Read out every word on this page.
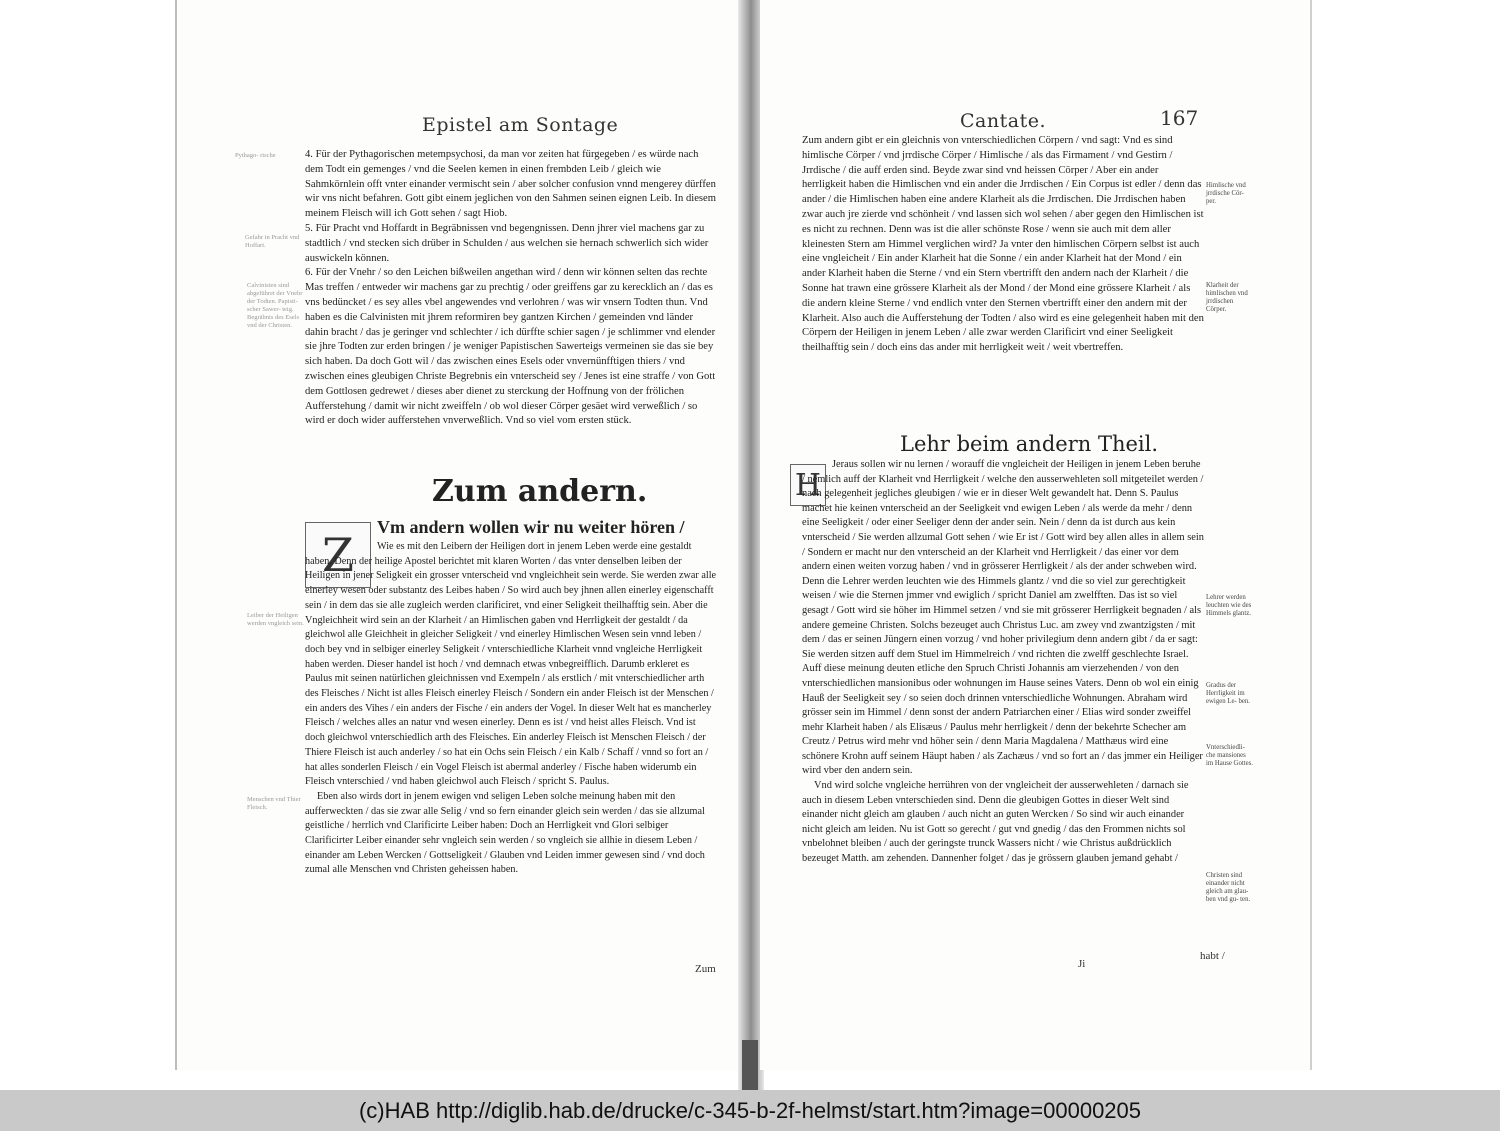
Epistel am Sontage
Pythago- rische
Gefahr in Pracht vnd Hoffart.
Calvinisten sind abgeführet der Vnehr der Todten. Papisti- scher Sawer- teig. Begräbnis des Esels vnd der Christen.
Leiber der Heiligen werden vngleich sein.
Menschen vnd Thier Fleisch.

4. Für der Pythagorischen metempsychosi, da man vor zeiten hat fürgegeben / es würde nach dem Todt ein gemenges / vnd die Seelen kemen in einen frembden Leib / gleich wie Sahmkörnlein offt vnter einander vermischt sein / aber solcher confusion vnnd mengerey dürffen wir vns nicht befahren. Gott gibt einem jeglichen von den Sahmen seinen eignen Leib. In diesem meinem Fleisch will ich Gott sehen / sagt Hiob.

5. Für Pracht vnd Hoffardt in Begräbnissen vnd begengnissen. Denn jhrer viel machens gar zu stadtlich / vnd stecken sich drüber in Schulden / aus welchen sie hernach schwerlich sich wider auswickeln können.

6. Für der Vnehr / so den Leichen bißweilen angethan wird / denn wir können selten das rechte Mas treffen / entweder wir machens gar zu prechtig / oder greiffens gar zu kerecklich an / das es vns bedüncket / es sey alles vbel angewendes vnd verlohren / was wir vnsern Todten thun. Vnd haben es die Calvinisten mit jhrem reformiren bey gantzen Kirchen / gemeinden vnd länder dahin bracht / das je geringer vnd schlechter / ich dürffte schier sagen / je schlimmer vnd elender sie jhre Todten zur erden bringen / je weniger Papistischen Sawerteigs vermeinen sie das sie bey sich haben. Da doch Gott wil / das zwischen eines Esels oder vnvernünfftigen thiers / vnd zwischen eines gleubigen Christe Begrebnis ein vnterscheid sey / Jenes ist eine straffe / von Gott dem Gottlosen gedrewet / dieses aber dienet zu sterckung der Hoffnung von der frölichen Aufferstehung / damit wir nicht zweiffeln / ob wol dieser Cörper gesäet wird verweßlich / so wird er doch wider aufferstehen vnverweßlich. Vnd so viel vom ersten stück.

Zum andern.
Z
Vm andern wollen wir nu weiter hören /

Wie es mit den Leibern der Heiligen dort in jenem Leben werde eine gestaldt haben. Denn der heilige Apostel berichtet mit klaren Worten / das vnter denselben leiben der Heiligen in jener Seligkeit ein grosser vnterscheid vnd vngleichheit sein werde. Sie werden zwar alle einerley wesen oder substantz des Leibes haben / So wird auch bey jhnen allen einerley eigenschafft sein / in dem das sie alle zugleich werden clarificiret, vnd einer Seligkeit theilhafftig sein. Aber die Vngleichheit wird sein an der Klarheit / an Himlischen gaben vnd Herrligkeit der gestaldt / da gleichwol alle Gleichheit in gleicher Seligkeit / vnd einerley Himlischen Wesen sein vnnd leben / doch bey vnd in selbiger einerley Seligkeit / vnterschiedliche Klarheit vnnd vngleiche Herrligkeit haben werden. Dieser handel ist hoch / vnd demnach etwas vnbegreifflich. Darumb erkleret es Paulus mit seinen natürlichen gleichnissen vnd Exempeln / als erstlich / mit vnterschiedlicher arth des Fleisches / Nicht ist alles Fleisch einerley Fleisch / Sondern ein ander Fleisch ist der Menschen / ein anders des Vihes / ein anders der Fische / ein anders der Vogel. In dieser Welt hat es mancherley Fleisch / welches alles an natur vnd wesen einerley. Denn es ist / vnd heist alles Fleisch. Vnd ist doch gleichwol vnterschiedlich arth des Fleisches. Ein anderley Fleisch ist Menschen Fleisch / der Thiere Fleisch ist auch anderley / so hat ein Ochs sein Fleisch / ein Kalb / Schaff / vnnd so fort an / hat alles sonderlen Fleisch / ein Vogel Fleisch ist abermal anderley / Fische haben widerumb ein Fleisch vnterschied / vnd haben gleichwol auch Fleisch / spricht S. Paulus.

Eben also wirds dort in jenem ewigen vnd seligen Leben solche meinung haben mit den aufferweckten / das sie zwar alle Selig / vnd so fern einander gleich sein werden / das sie allzumal geistliche / herrlich vnd Clarificirte Leiber haben: Doch an Herrligkeit vnd Glori selbiger Clarificirter Leiber einander sehr vngleich sein werden / so vngleich sie allhie in diesem Leben / einander am Leben Wercken / Gottseligkeit / Glauben vnd Leiden immer gewesen sind / vnd doch zumal alle Menschen vnd Christen geheissen haben.

Zum
Cantate.	167

Zum andern gibt er ein gleichnis von vnterschiedlichen Cörpern / vnd sagt: Vnd es sind himlische Cörper / vnd jrrdische Cörper / Himlische / als das Firmament / vnd Gestirn / Jrrdische / die auff erden sind. Beyde zwar sind vnd heissen Cörper / Aber ein ander herrligkeit haben die Himlischen vnd ein ander die Jrrdischen / Ein Corpus ist edler / denn das ander / die Himlischen haben eine andere Klarheit als die Jrrdischen. Die Jrrdischen haben zwar auch jre zierde vnd schönheit / vnd lassen sich wol sehen / aber gegen den Himlischen ist es nicht zu rechnen. Denn was ist die aller schönste Rose / wenn sie auch mit dem aller kleinesten Stern am Himmel verglichen wird? Ja vnter den himlischen Cörpern selbst ist auch eine vngleicheit / Ein ander Klarheit hat die Sonne / ein ander Klarheit hat der Mond / ein ander Klarheit haben die Sterne / vnd ein Stern vbertrifft den andern nach der Klarheit / die Sonne hat trawn eine grössere Klarheit als der Mond / der Mond eine grössere Klarheit / als die andern kleine Sterne / vnd endlich vnter den Sternen vbertrifft einer den andern mit der Klarheit. Also auch die Aufferstehung der Todten / also wird es eine gelegenheit haben mit den Cörpern der Heiligen in jenem Leben / alle zwar werden Clarificirt vnd einer Seeligkeit theilhafftig sein / doch eins das ander mit herrligkeit weit / weit vbertreffen.

Himlische vnd jrrdische Cör- per.
Klarheit der himlischen vnd jrrdischen Cörper.
Lehr beim andern Theil.
H

Jeraus sollen wir nu lernen / worauff die vngleicheit der Heiligen in jenem Leben beruhe / nemlich auff der Klarheit vnd Herrligkeit / welche den ausserwehleten soll mitgeteilet werden / nach gelegenheit jegliches gleubigen / wie er in dieser Welt gewandelt hat. Denn S. Paulus machet hie keinen vnterscheid an der Seeligkeit vnd ewigen Leben / als werde da mehr / denn eine Seeligkeit / oder einer Seeliger denn der ander sein. Nein / denn da ist durch aus kein vnterscheid / Sie werden allzumal Gott sehen / wie Er ist / Gott wird bey allen alles in allem sein / Sondern er macht nur den vnterscheid an der Klarheit vnd Herrligkeit / das einer vor dem andern einen weiten vorzug haben / vnd in grösserer Herrligkeit / als der ander schweben wird. Denn die Lehrer werden leuchten wie des Himmels glantz / vnd die so viel zur gerechtigkeit weisen / wie die Sternen jmmer vnd ewiglich / spricht Daniel am zwelfften. Das ist so viel gesagt / Gott wird sie höher im Himmel setzen / vnd sie mit grösserer Herrligkeit begnaden / als andere gemeine Christen. Solchs bezeuget auch Christus Luc. am zwey vnd zwantzigsten / mit dem / das er seinen Jüngern einen vorzug / vnd hoher privilegium denn andern gibt / da er sagt: Sie werden sitzen auff dem Stuel im Himmelreich / vnd richten die zwelff geschlechte Israel. Auff diese meinung deuten etliche den Spruch Christi Johannis am vierzehenden / von den vnterschiedlichen mansionibus oder wohnungen im Hause seines Vaters. Denn ob wol ein einig Hauß der Seeligkeit sey / so seien doch drinnen vnterschiedliche Wohnungen. Abraham wird grösser sein im Himmel / denn sonst der andern Patriarchen einer / Elias wird sonder zweiffel mehr Klarheit haben / als Elisæus / Paulus mehr herrligkeit / denn der bekehrte Schecher am Creutz / Petrus wird mehr vnd höher sein / denn Maria Magdalena / Matthæus wird eine schönere Krohn auff seinem Häupt haben / als Zachæus / vnd so fort an / das jmmer ein Heiliger wird vber den andern sein.

Vnd wird solche vngleiche herrühren von der vngleicheit der ausserwehleten / darnach sie auch in diesem Leben vnterschieden sind. Denn die gleubigen Gottes in dieser Welt sind einander nicht gleich am glauben / auch nicht an guten Wercken / So sind wir auch einander nicht gleich am leiden. Nu ist Gott so gerecht / gut vnd gnedig / das den Frommen nichts sol vnbelohnet bleiben / auch der geringste trunck Wassers nicht / wie Christus außdrücklich bezeuget Matth. am zehenden. Dannenher folget / das je grössern glauben jemand gehabt /

Lehrer werden leuchten wie des Himmels glantz.
Gradus der Herrligkeit im ewigen Le- ben.
Vnterschiedli- che mansiones im Hause Gottes.
Christen sind einander nicht gleich am glau- ben vnd gu- ten.
Ji
habt /
(c)HAB http://diglib.hab.de/drucke/c-345-b-2f-helmst/start.htm?image=00000205
